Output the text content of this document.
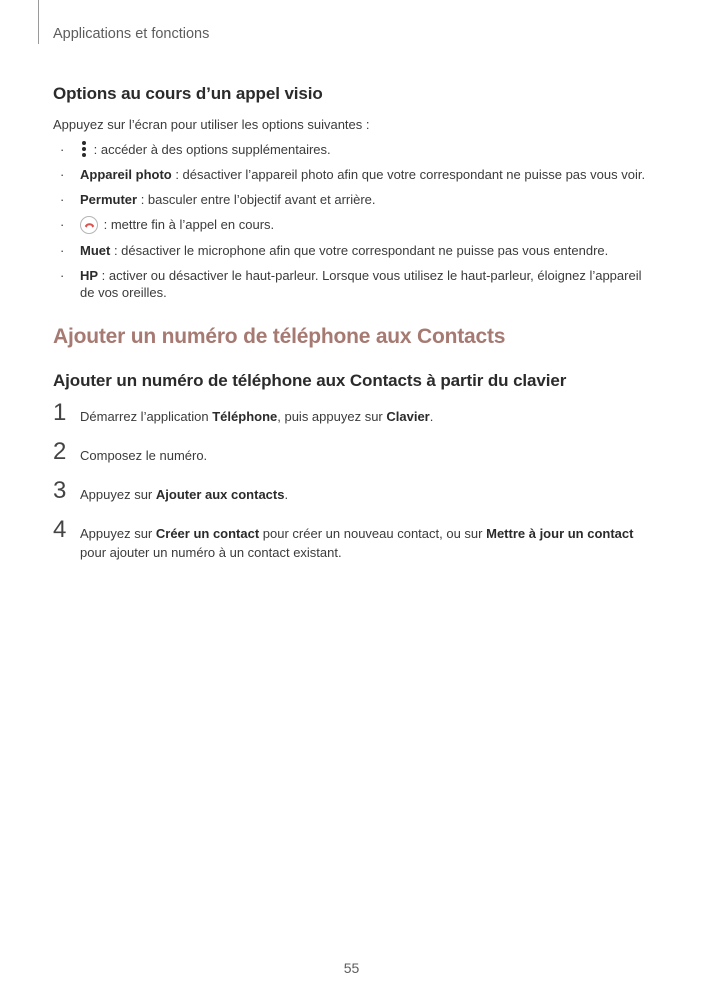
Applications et fonctions
Options au cours d’un appel visio

Appuyez sur l’écran pour utiliser les options suivantes :

· : accéder à des options supplémentaires.
· Appareil photo : désactiver l’appareil photo afin que votre correspondant ne puisse pas vous voir.
· Permuter : basculer entre l’objectif avant et arrière.
·	: mettre fin à l’appel en cours.
· Muet : désactiver le microphone afin que votre correspondant ne puisse pas vous entendre.
· HP : activer ou désactiver le haut-parleur. Lorsque vous utilisez le haut-parleur, éloignez l’appareil de vos oreilles.
Ajouter un numéro de téléphone aux Contacts
Ajouter un numéro de téléphone aux Contacts à partir du clavier
1 Démarrez l’application Téléphone, puis appuyez sur Clavier.
2 Composez le numéro.
3 Appuyez sur Ajouter aux contacts.
4 Appuyez sur Créer un contact pour créer un nouveau contact, ou sur Mettre à jour un contact pour ajouter un numéro à un contact existant.
55
